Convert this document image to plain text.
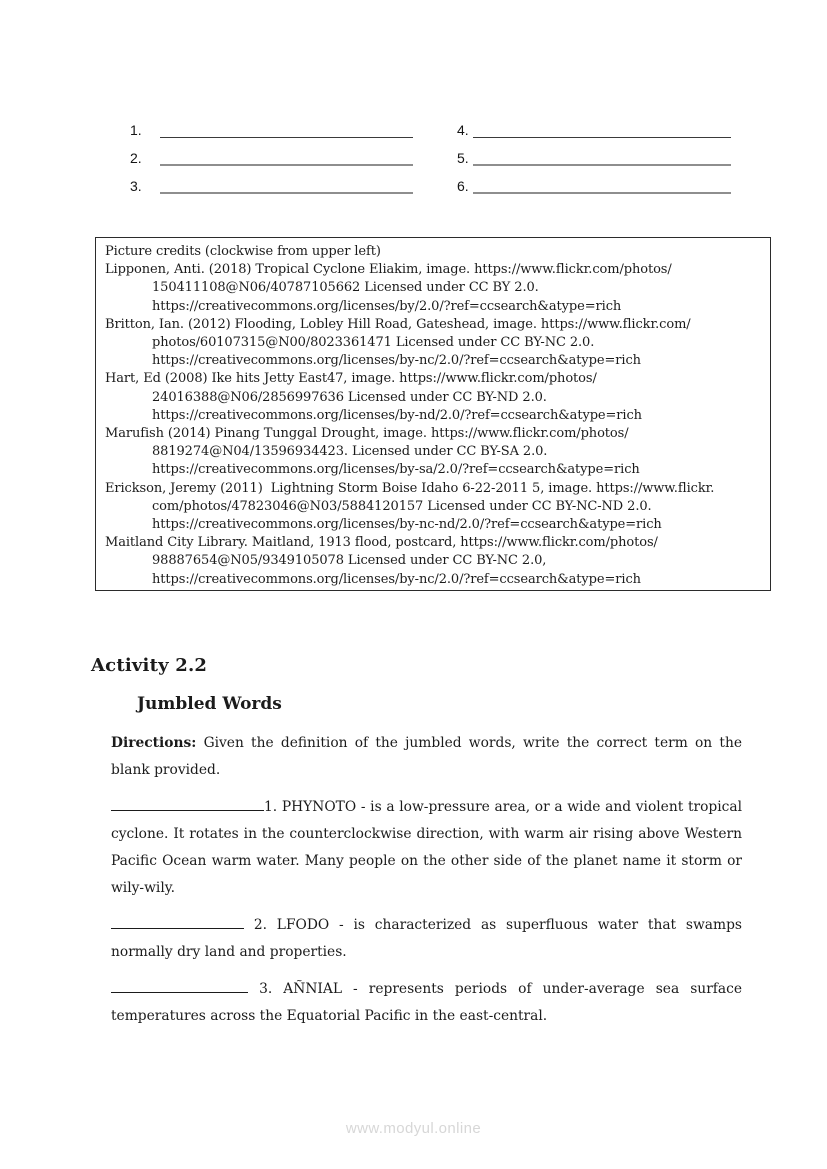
1.
2.
3.
4.
5.
6.
Picture credits (clockwise from upper left)
Lipponen, Anti. (2018) Tropical Cyclone Eliakim, image. https://www.flickr.com/photos/
150411108@N06/40787105662 Licensed under CC BY 2.0.
https://creativecommons.org/licenses/by/2.0/?ref=ccsearch&atype=rich
Britton, Ian. (2012) Flooding, Lobley Hill Road, Gateshead, image. https://www.flickr.com/
photos/60107315@N00/8023361471 Licensed under CC BY-NC 2.0.
https://creativecommons.org/licenses/by-nc/2.0/?ref=ccsearch&atype=rich
Hart, Ed (2008) Ike hits Jetty East47, image. https://www.flickr.com/photos/
24016388@N06/2856997636 Licensed under CC BY-ND 2.0.
https://creativecommons.org/licenses/by-nd/2.0/?ref=ccsearch&atype=rich
Marufish (2014) Pinang Tunggal Drought, image. https://www.flickr.com/photos/
8819274@N04/13596934423. Licensed under CC BY-SA 2.0.
https://creativecommons.org/licenses/by-sa/2.0/?ref=ccsearch&atype=rich
Erickson, Jeremy (2011)  Lightning Storm Boise Idaho 6-22-2011 5, image. https://www.flickr.
com/photos/47823046@N03/5884120157 Licensed under CC BY-NC-ND 2.0.
https://creativecommons.org/licenses/by-nc-nd/2.0/?ref=ccsearch&atype=rich
Maitland City Library. Maitland, 1913 flood, postcard, https://www.flickr.com/photos/
98887654@N05/9349105078 Licensed under CC BY-NC 2.0,
https://creativecommons.org/licenses/by-nc/2.0/?ref=ccsearch&atype=rich
Activity 2.2
Jumbled Words

Directions: Given the definition of the jumbled words, write the correct term on the blank provided.

1. PHYNOTO - is a low-pressure area, or a wide and violent tropical cyclone. It rotates in the counterclockwise direction, with warm air rising above Western Pacific Ocean warm water. Many people on the other side of the planet name it storm or wily-wily.

2. LFODO - is characterized as superfluous water that swamps normally dry land and properties.

3. AÑNIAL - represents periods of under-average sea surface temperatures across the Equatorial Pacific in the east-central.

www.modyul.online
